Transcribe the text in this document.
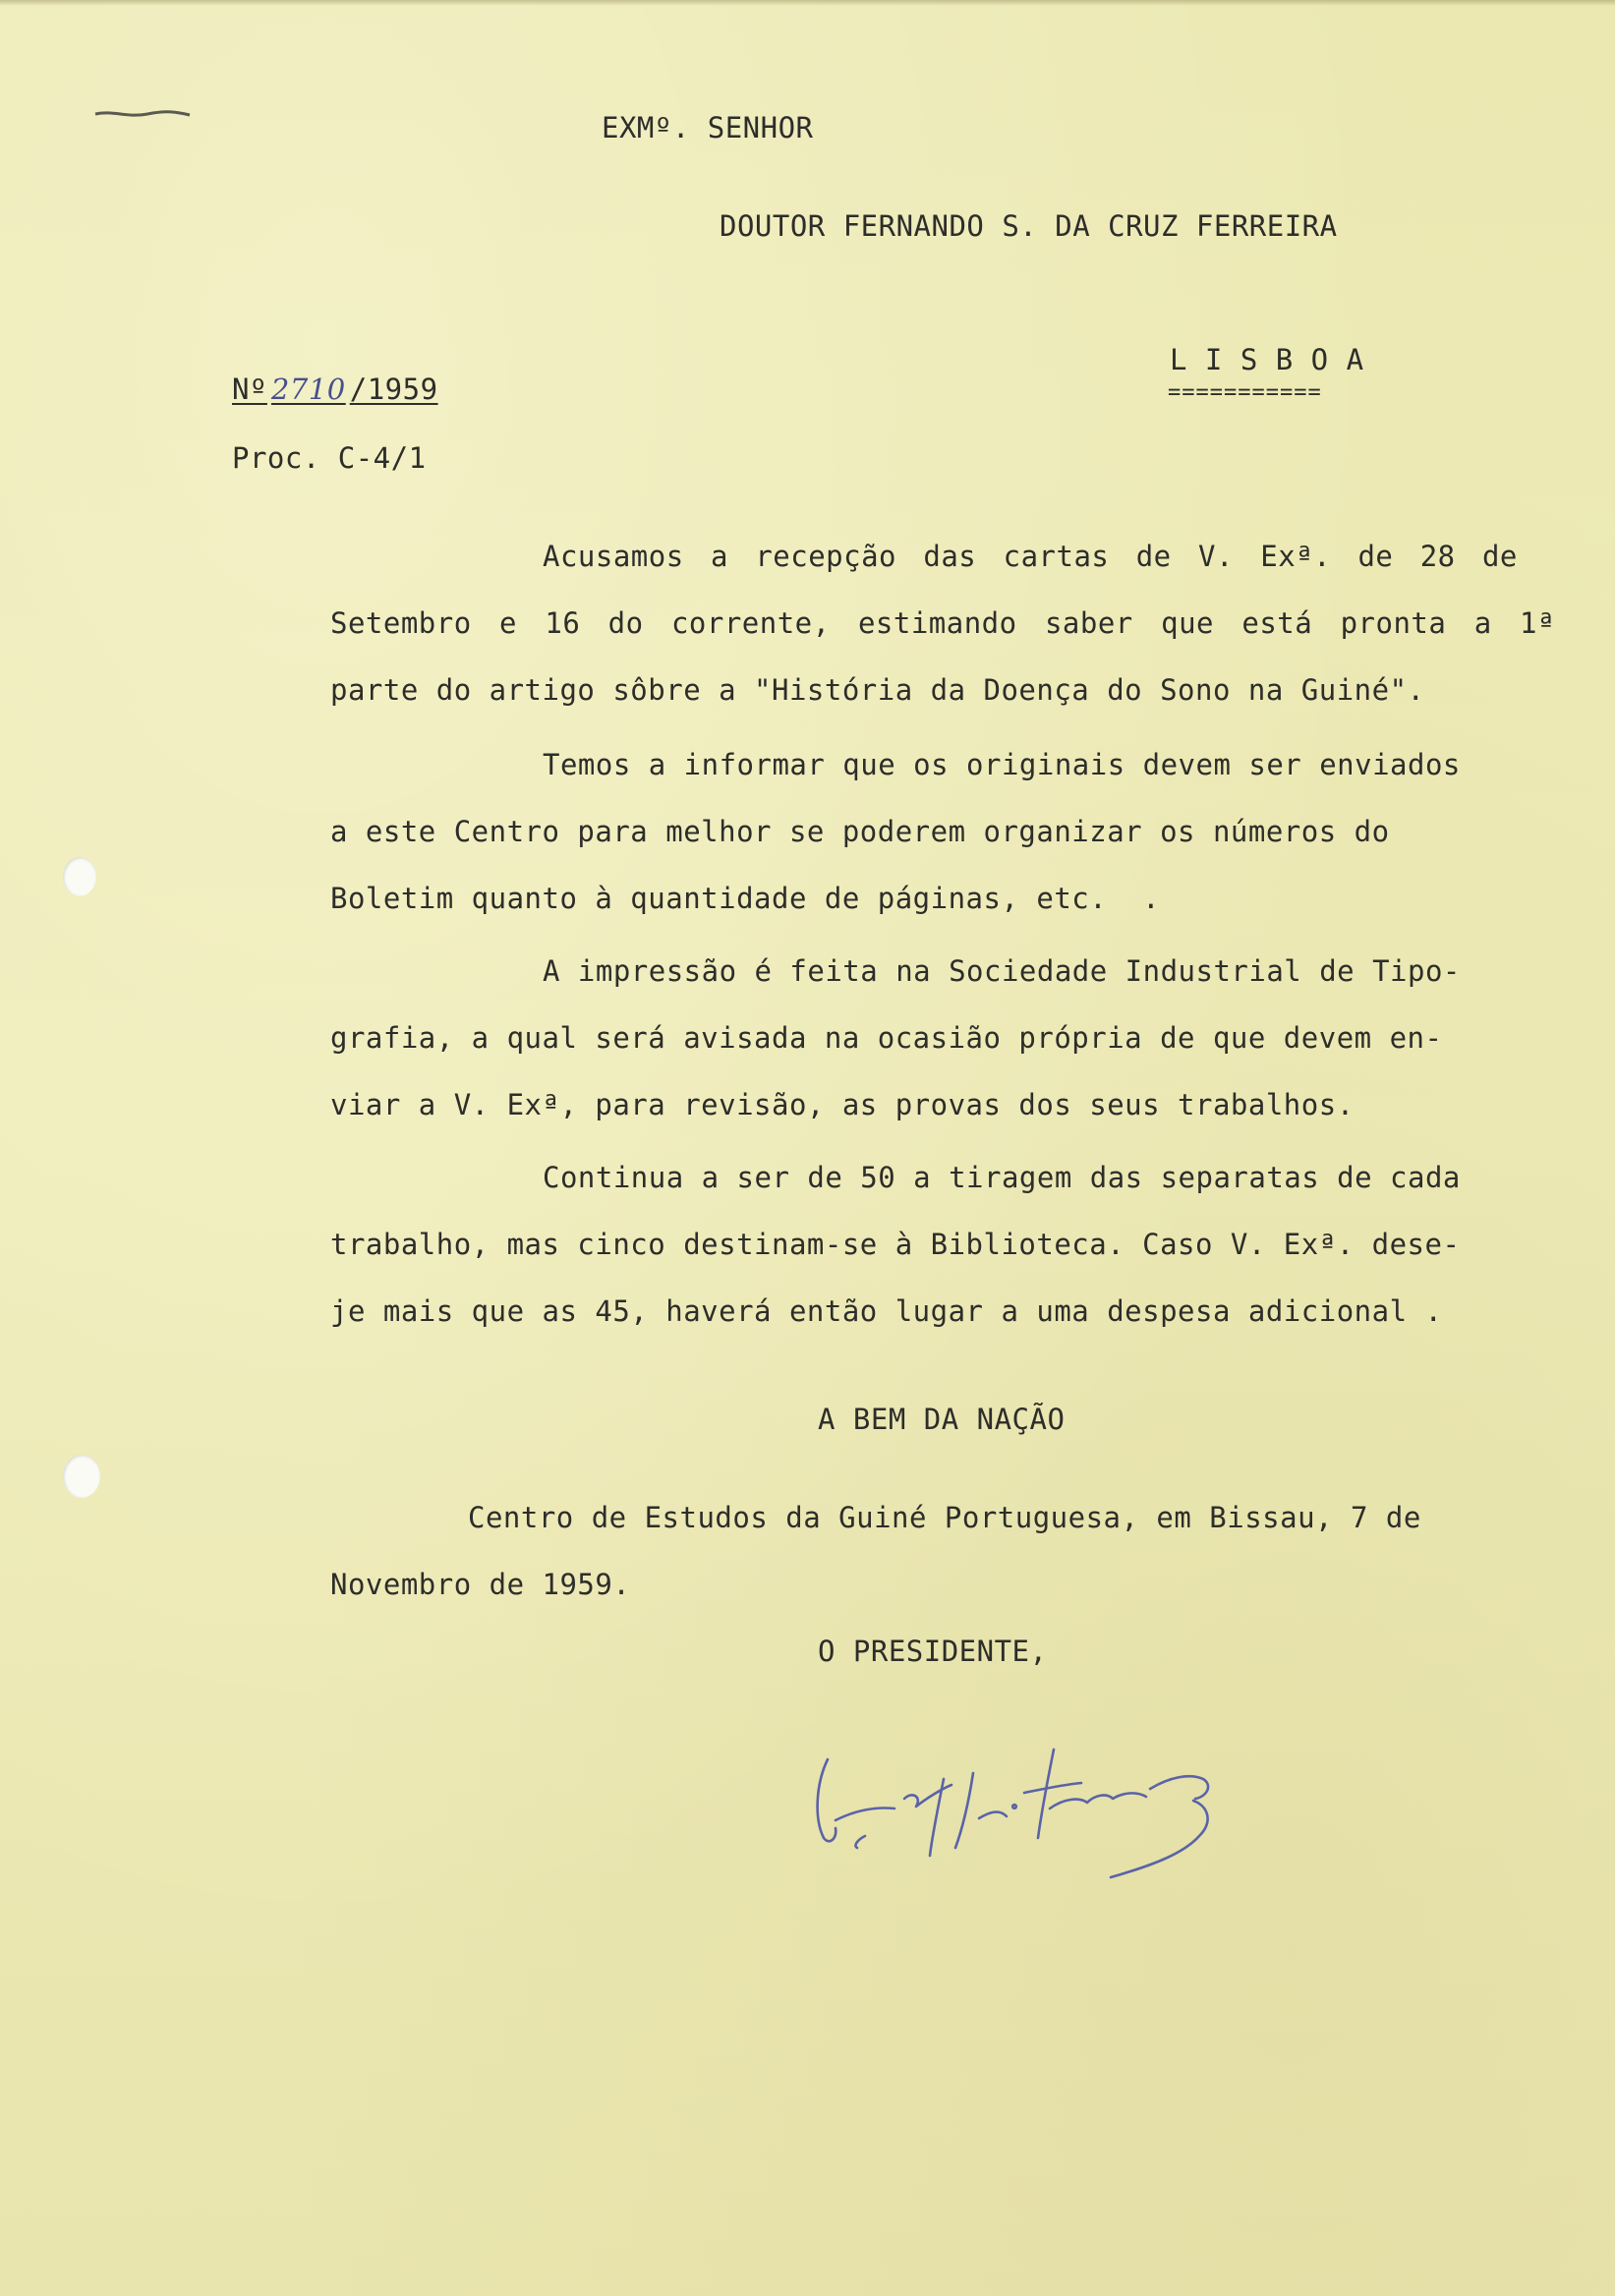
EXMº. SENHOR
DOUTOR FERNANDO S. DA CRUZ FERREIRA
L I S B O A
===========
Nº 2710 /1959
Proc. C-4/1
Acusamos a recepção das cartas de V. Exª. de 28 de
Setembro e 16 do corrente, estimando saber que está pronta a 1ª
parte do artigo sôbre a "História da Doença do Sono na Guiné".
Temos a informar que os originais devem ser enviados
a este Centro para melhor se poderem organizar os números do
Boletim quanto à quantidade de páginas, etc.  .
A impressão é feita na Sociedade Industrial de Tipo-
grafia, a qual será avisada na ocasião própria de que devem en-
viar a V. Exª, para revisão, as provas dos seus trabalhos.
Continua a ser de 50 a tiragem das separatas de cada
trabalho, mas cinco destinam-se à Biblioteca. Caso V. Exª. dese-
je mais que as 45, haverá então lugar a uma despesa adicional .
A BEM DA NAÇÃO
Centro de Estudos da Guiné Portuguesa, em Bissau, 7 de
Novembro de 1959.
O PRESIDENTE,
